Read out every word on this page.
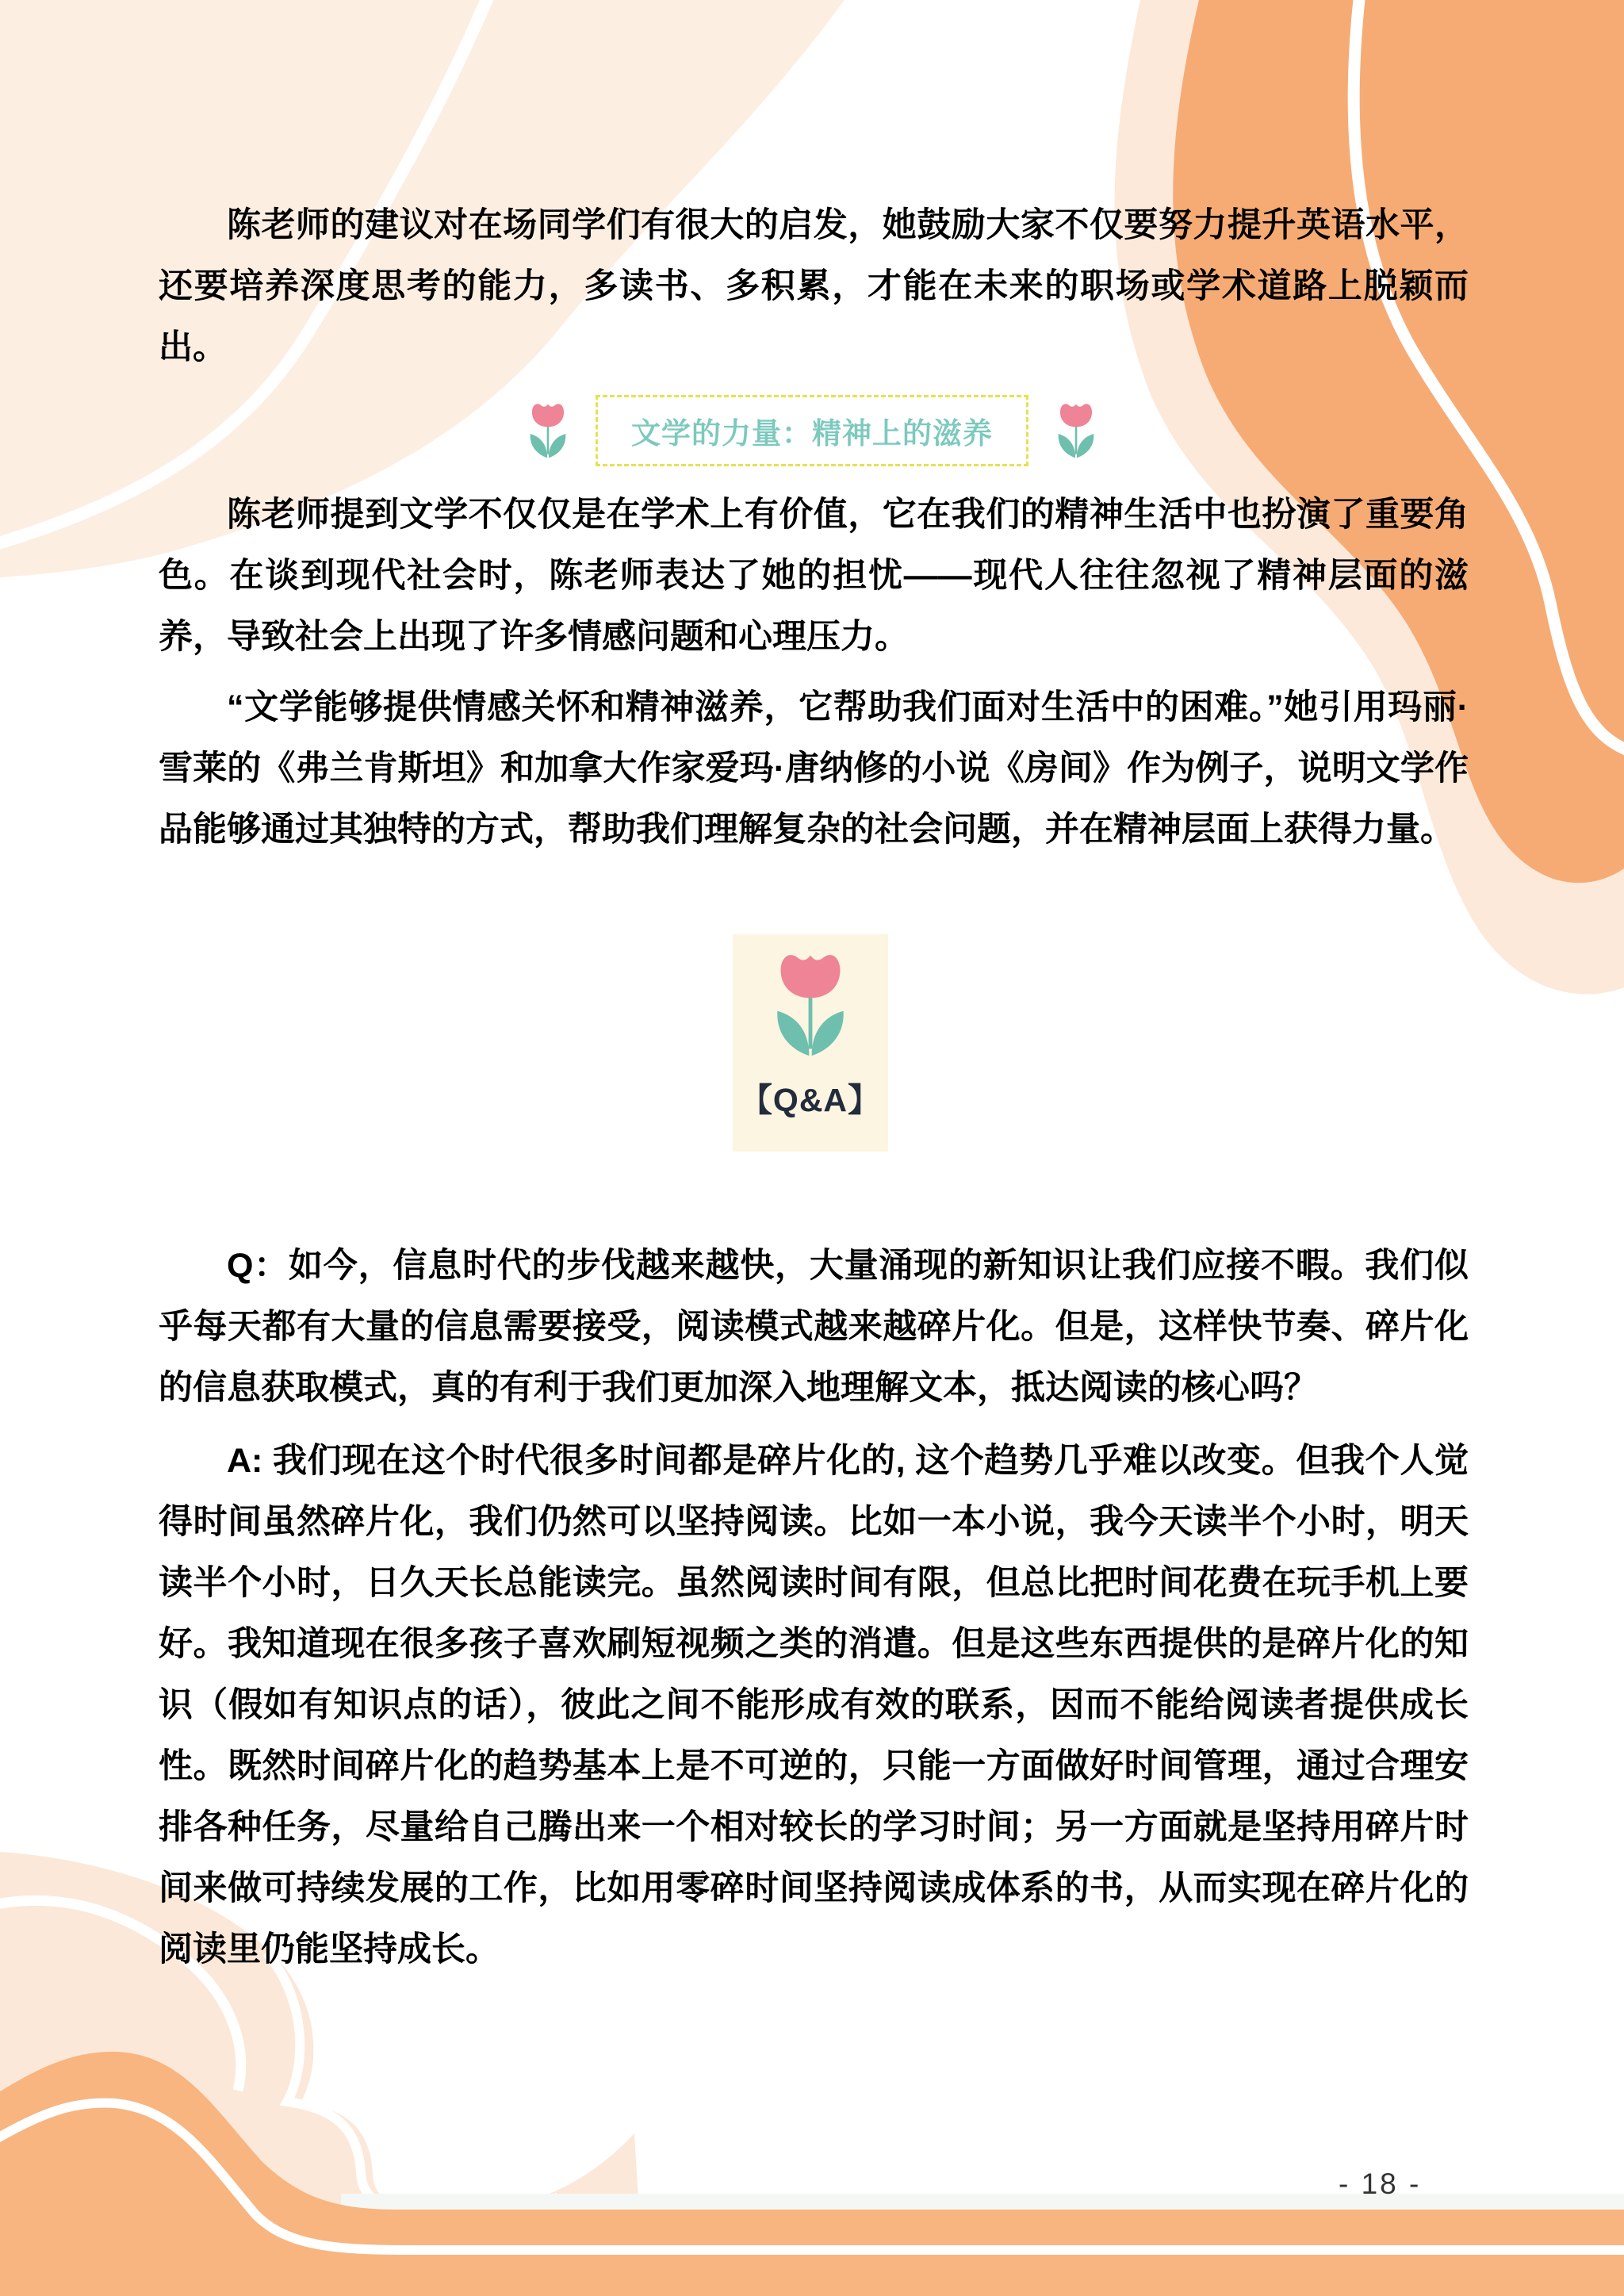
陈老师的建议对在场同学们有很大的启发，她鼓励大家不仅要努力提升英语水平，还要培养深度思考的能力，多读书、多积累，才能在未来的职场或学术道路上脱颖而出。

文学的力量：精神上的滋养

陈老师提到文学不仅仅是在学术上有价值，它在我们的精神生活中也扮演了重要角色。在谈到现代社会时，陈老师表达了她的担忧——现代人往往忽视了精神层面的滋养，导致社会上出现了许多情感问题和心理压力。

“文学能够提供情感关怀和精神滋养，它帮助我们面对生活中的困难。”她引用玛丽·雪莱的《弗兰肯斯坦》和加拿大作家爱玛·唐纳修的小说《房间》作为例子，说明文学作品能够通过其独特的方式，帮助我们理解复杂的社会问题，并在精神层面上获得力量。

【Q&A】

Q：如今，信息时代的步伐越来越快，大量涌现的新知识让我们应接不暇。我们似乎每天都有大量的信息需要接受，阅读模式越来越碎片化。但是，这样快节奏、碎片化的信息获取模式，真的有利于我们更加深入地理解文本，抵达阅读的核心吗？

A: 我们现在这个时代很多时间都是碎片化的, 这个趋势几乎难以改变。但我个人觉得时间虽然碎片化，我们仍然可以坚持阅读。比如一本小说，我今天读半个小时，明天读半个小时，日久天长总能读完。虽然阅读时间有限，但总比把时间花费在玩手机上要好。我知道现在很多孩子喜欢刷短视频之类的消遣。但是这些东西提供的是碎片化的知识（假如有知识点的话），彼此之间不能形成有效的联系，因而不能给阅读者提供成长性。既然时间碎片化的趋势基本上是不可逆的，只能一方面做好时间管理，通过合理安排各种任务，尽量给自己腾出来一个相对较长的学习时间；另一方面就是坚持用碎片时间来做可持续发展的工作，比如用零碎时间坚持阅读成体系的书，从而实现在碎片化的阅读里仍能坚持成长。

- 18 -
